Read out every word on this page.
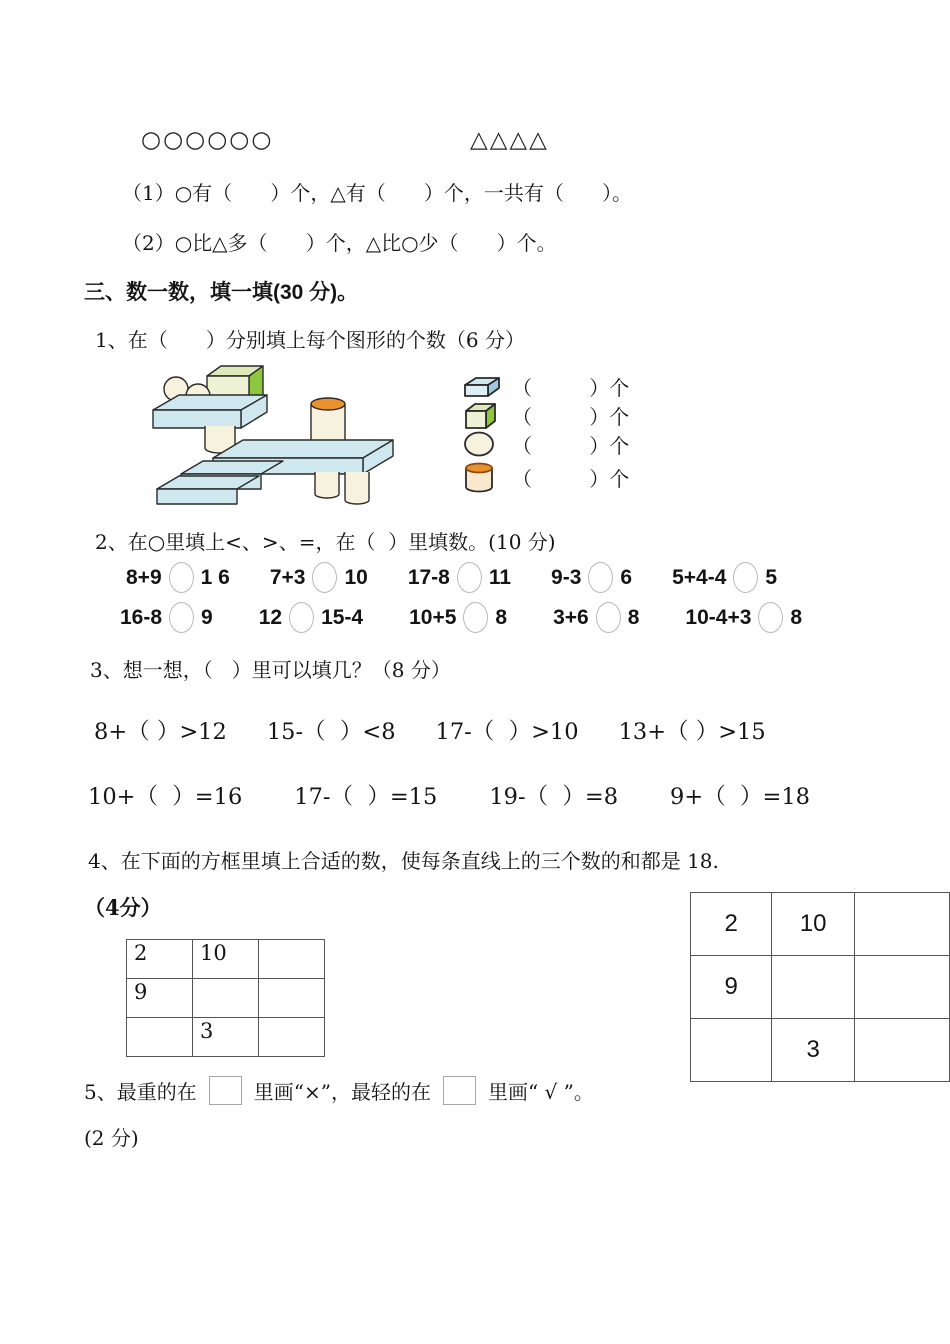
○○○○○○	△△△△
（1）○有（      ）个，△有（      ）个，一共有（      ）。
（2）○比△多（      ）个，△比○少（      ）个。
三、数一数，填一填(30 分)。
1、在（      ）分别填上每个图形的个数（6 分）
（         ）个
（         ）个
（         ）个
（         ）个
2、在○里填上<、>、=，在（  ）里填数。(10 分)
8+9 1 6 7+3 10 17-8 11 9-3 6 5+4-4 5
16-8 9 12 15-4 10+5 8 3+6 8 10-4+3 8
3、想一想，（   ）里可以填几？（8 分）
8+（ ）>12 15-（  ）<8 17-（  ）>10 13+（ ）>15
10+（  ）=16 17-（  ）=15 19-（  ）=8 9+（  ）=18
4、在下面的方框里填上合适的数，使每条直线上的三个数的和都是 18.
（4分）
2	10	
9		
	3	
2	10	
9		
	3	
5、最重的在	里画“×”，最轻的在	里画“ √ ”。
(2 分)
